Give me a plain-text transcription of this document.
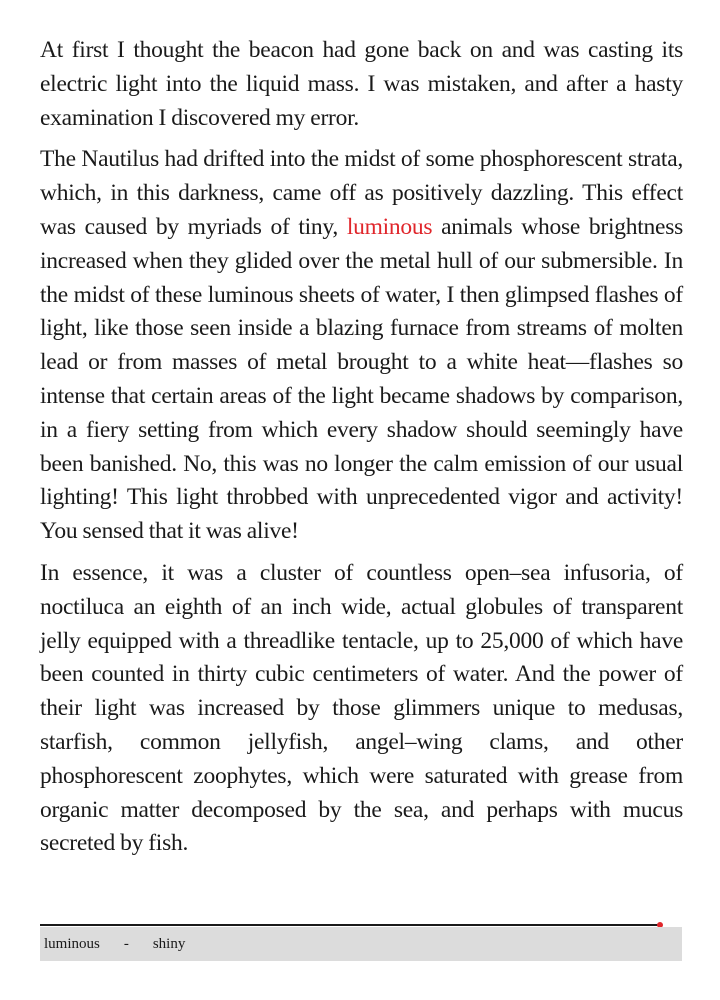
At first I thought the beacon had gone back on and was casting its electric light into the liquid mass. I was mistaken, and after a hasty examination I discovered my error.

The Nautilus had drifted into the midst of some phosphorescent strata, which, in this darkness, came off as positively dazzling. This effect was caused by myriads of tiny, luminous animals whose brightness increased when they glided over the metal hull of our submersible. In the midst of these luminous sheets of water, I then glimpsed flashes of light, like those seen inside a blazing furnace from streams of molten lead or from masses of metal brought to a white heat—flashes so intense that certain areas of the light became shadows by comparison, in a fiery setting from which every shadow should seemingly have been banished. No, this was no longer the calm emission of our usual lighting! This light throbbed with unprecedented vigor and activity! You sensed that it was alive!

In essence, it was a cluster of countless open–sea infusoria, of noctiluca an eighth of an inch wide, actual globules of transparent jelly equipped with a threadlike tentacle, up to 25,000 of which have been counted in thirty cubic centimeters of water. And the power of their light was increased by those glimmers unique to medusas, starfish, common jellyfish, angel–wing clams, and other phosphorescent zoophytes, which were saturated with grease from organic matter decomposed by the sea, and perhaps with mucus secreted by fish.

luminous - shiny
